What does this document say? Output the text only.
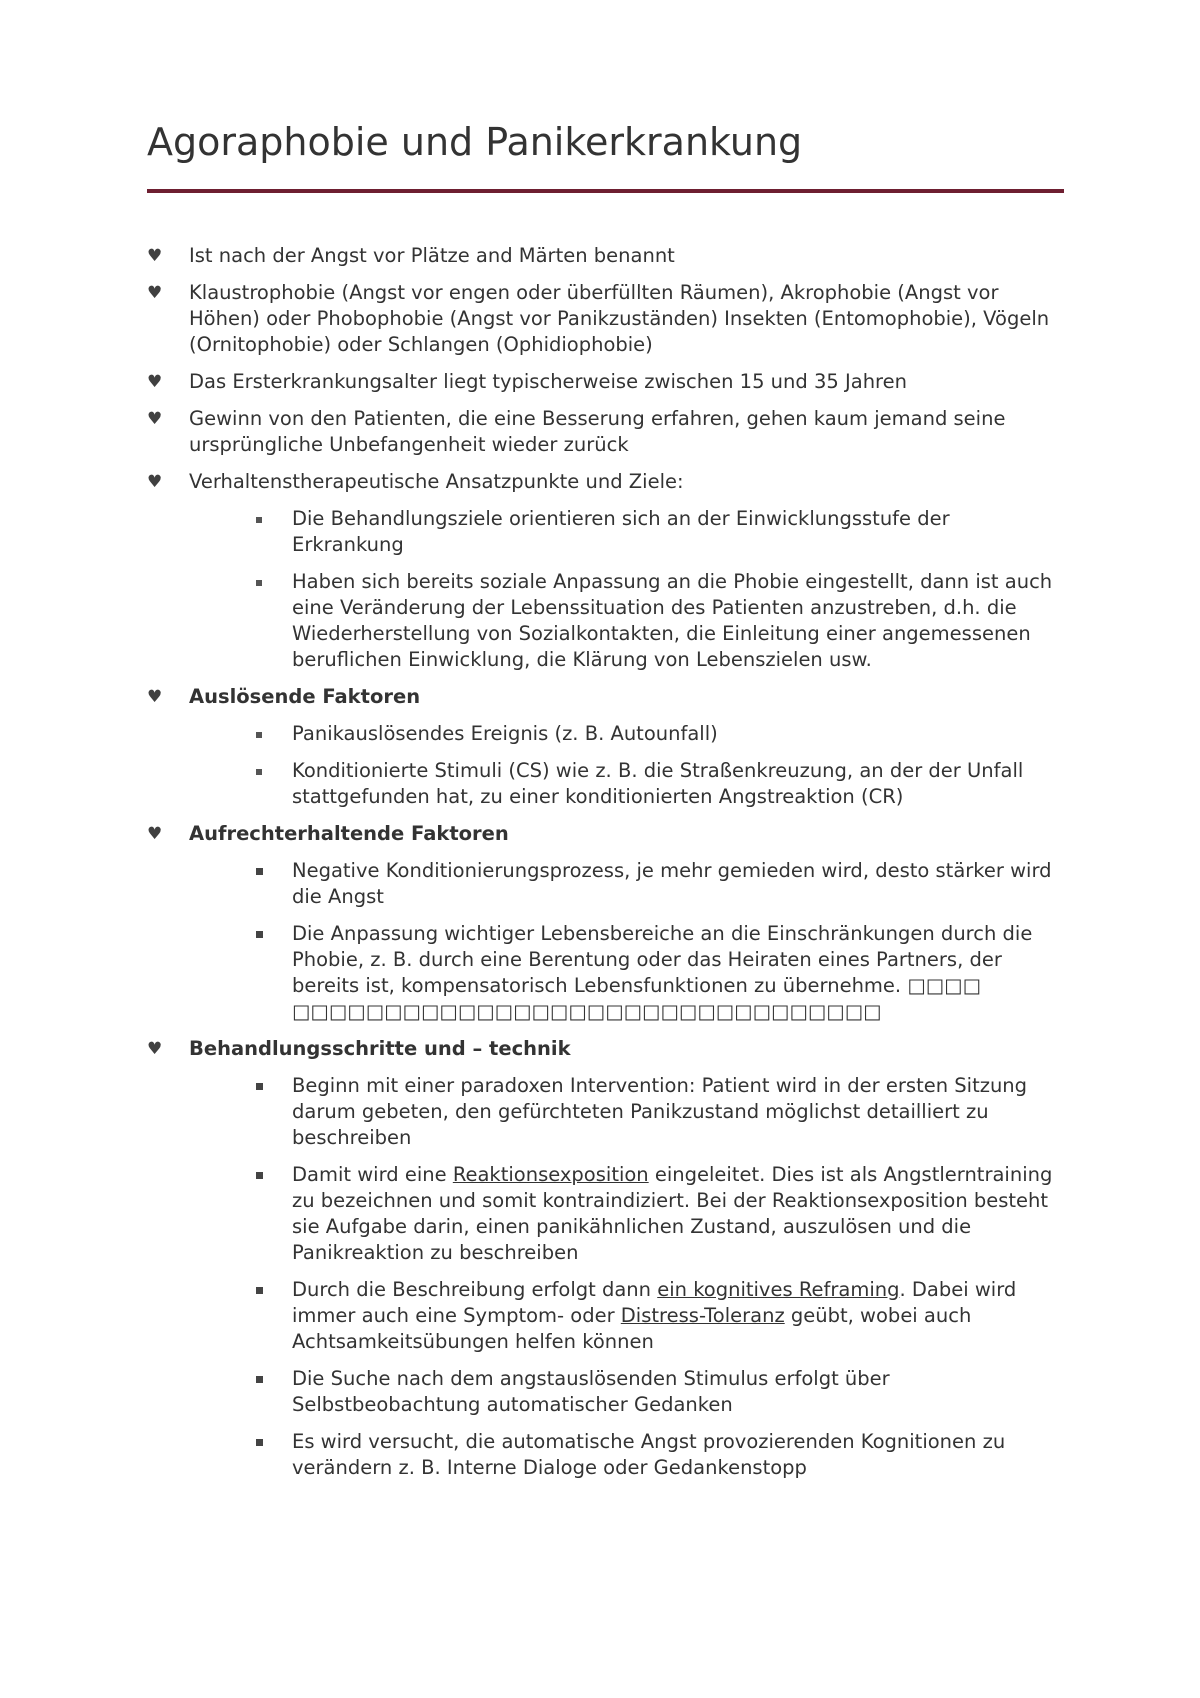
Agoraphobie und Panikerkrankung
♥ Ist nach der Angst vor Plätze and Märten benannt
♥ Klaustrophobie (Angst vor engen oder überfüllten Räumen), Akrophobie (Angst vor Höhen) oder Phobophobie (Angst vor Panikzuständen) Insekten (Entomophobie), Vögeln (Ornitophobie) oder Schlangen (Ophidiophobie)
♥ Das Ersterkrankungsalter liegt typischerweise zwischen 15 und 35 Jahren
♥ Gewinn von den Patienten, die eine Besserung erfahren, gehen kaum jemand seine ursprüngliche Unbefangenheit wieder zurück
♥ Verhaltenstherapeutische Ansatzpunkte und Ziele:
Die Behandlungsziele orientieren sich an der Einwicklungsstufe der Erkrankung
Haben sich bereits soziale Anpassung an die Phobie eingestellt, dann ist auch eine Veränderung der Lebenssituation des Patienten anzustreben, d.h. die Wiederherstellung von Sozialkontakten, die Einleitung einer angemessenen beruflichen Einwicklung, die Klärung von Lebenszielen usw.
♥ Auslösende Faktoren
Panikauslösendes Ereignis (z. B. Autounfall)
Konditionierte Stimuli (CS) wie z. B. die Straßenkreuzung, an der der Unfall stattgefunden hat, zu einer konditionierten Angstreaktion (CR)
♥ Aufrechterhaltende Faktoren
Negative Konditionierungsprozess, je mehr gemieden wird, desto stärker wird die Angst
Die Anpassung wichtiger Lebensbereiche an die Einschränkungen durch die Phobie, z. B. durch eine Berentung oder das Heiraten eines Partners, der bereits ist, kompensatorisch Lebensfunktionen zu übernehme. □□□□ □□□□□□□□□□□□□□□□□□□□□□□□□□□□□□□□
♥ Behandlungsschritte und – technik
Beginn mit einer paradoxen Intervention: Patient wird in der ersten Sitzung darum gebeten, den gefürchteten Panikzustand möglichst detailliert zu beschreiben
Damit wird eine Reaktionsexposition eingeleitet. Dies ist als Angstlerntraining zu bezeichnen und somit kontraindiziert. Bei der Reaktionsexposition besteht sie Aufgabe darin, einen panikähnlichen Zustand, auszulösen und die Panikreaktion zu beschreiben
Durch die Beschreibung erfolgt dann ein kognitives Reframing. Dabei wird immer auch eine Symptom- oder Distress-Toleranz geübt, wobei auch Achtsamkeitsübungen helfen können
Die Suche nach dem angstauslösenden Stimulus erfolgt über Selbstbeobachtung automatischer Gedanken
Es wird versucht, die automatische Angst provozierenden Kognitionen zu verändern z. B. Interne Dialoge oder Gedankenstopp
